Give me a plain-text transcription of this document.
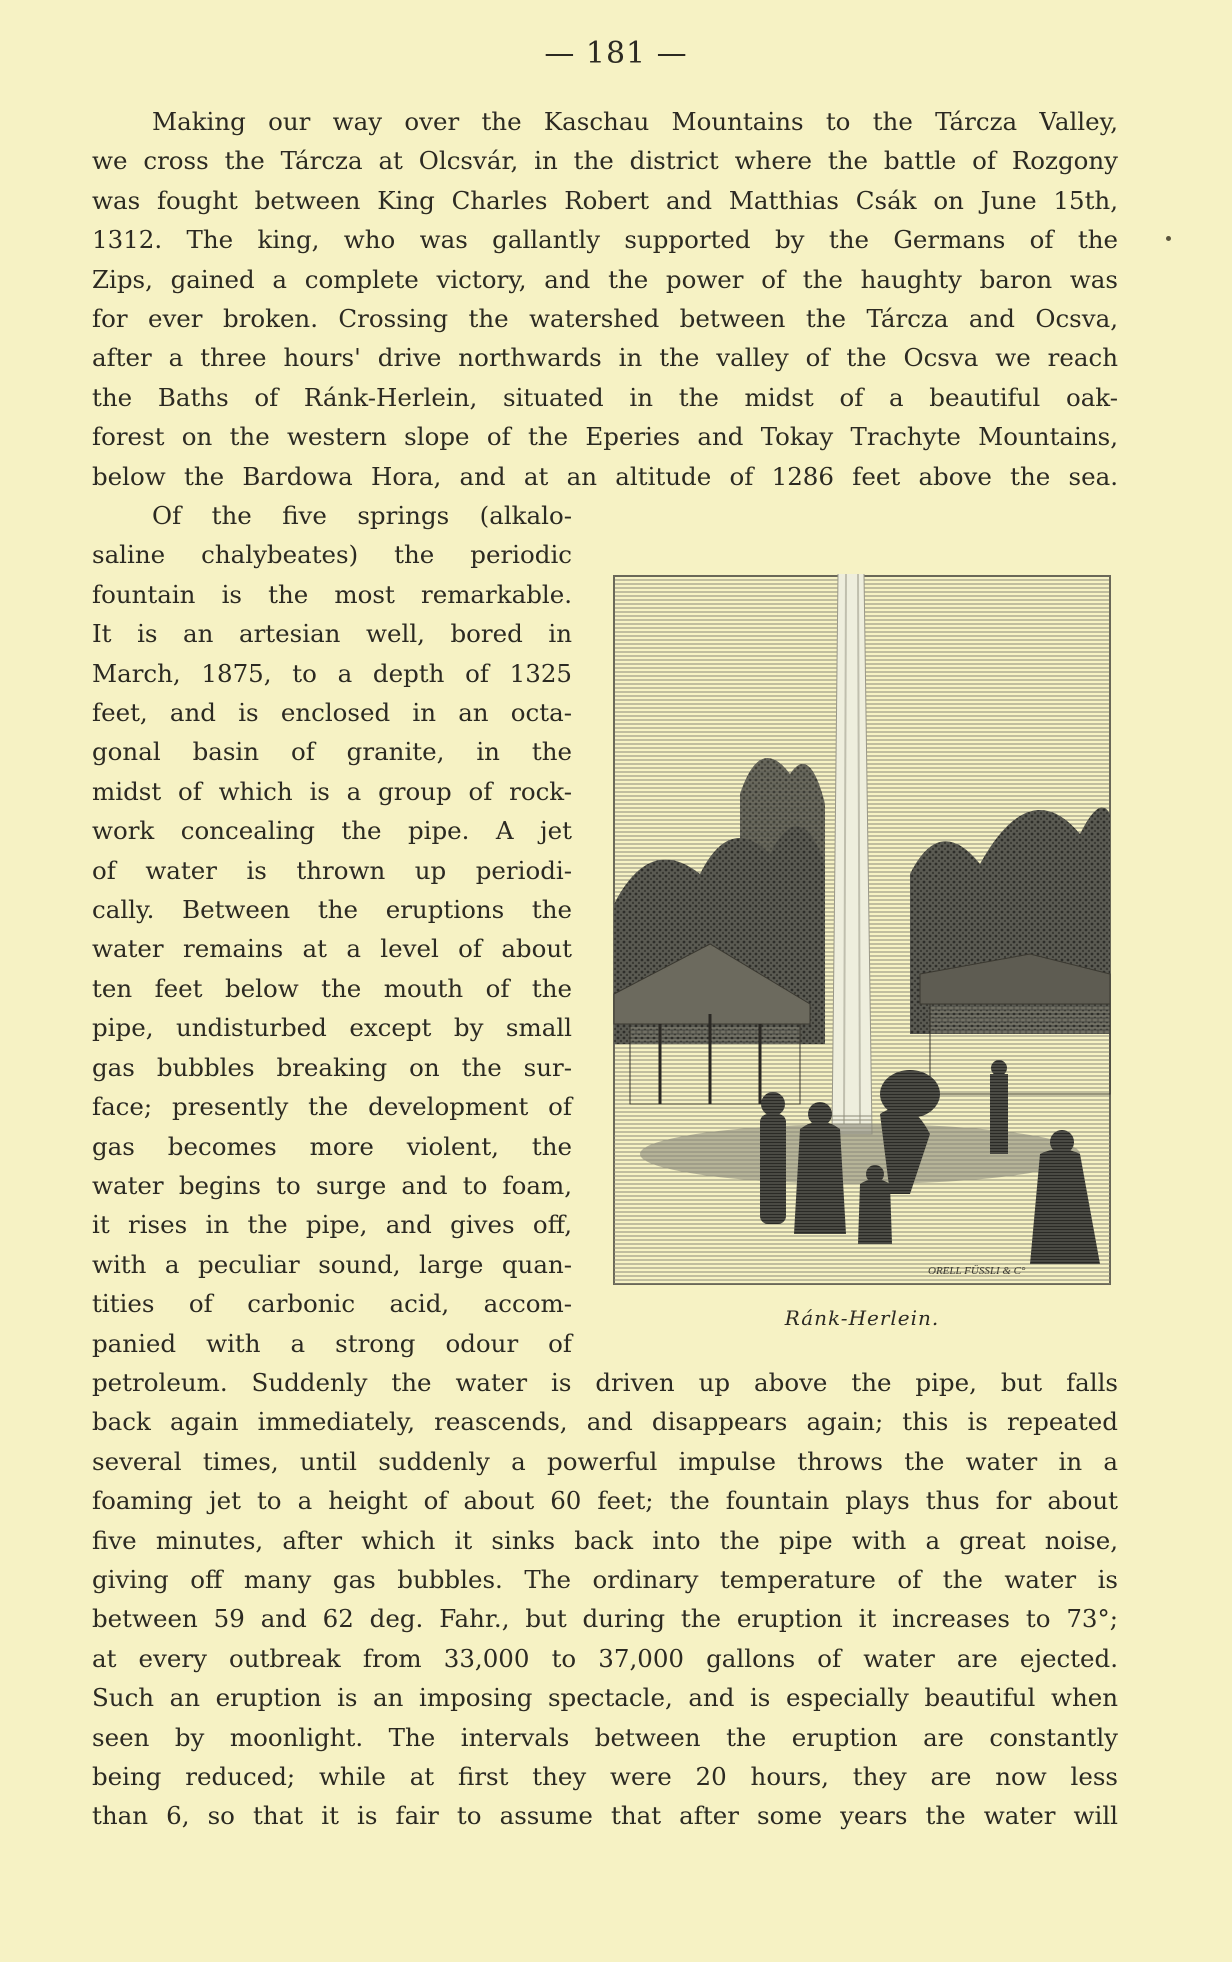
— 181 —
Making our way over the Kaschau Mountains to the Tárcza Valley,
we cross the Tárcza at Olcsvár, in the district where the battle of Rozgony
was fought between King Charles Robert and Matthias Csák on June 15th,
1312. The king, who was gallantly supported by the Germans of the
Zips, gained a complete victory, and the power of the haughty baron was
for ever broken. Crossing the watershed between the Tárcza and Ocsva,
after a three hours' drive northwards in the valley of the Ocsva we reach
the Baths of Ránk-Herlein, situated in the midst of a beautiful oak-
forest on the western slope of the Eperies and Tokay Trachyte Mountains,
below the Bardowa Hora, and at an altitude of 1286 feet above the sea.
Of the five springs (alkalo-
saline chalybeates) the periodic
fountain is the most remarkable.
It is an artesian well, bored in
March, 1875, to a depth of 1325
feet, and is enclosed in an octa-
gonal basin of granite, in the
midst of which is a group of rock-
work concealing the pipe. A jet
of water is thrown up periodi-
cally. Between the eruptions the
water remains at a level of about
ten feet below the mouth of the
pipe, undisturbed except by small
gas bubbles breaking on the sur-
face; presently the development of
gas becomes more violent, the
water begins to surge and to foam,
it rises in the pipe, and gives off,
with a peculiar sound, large quan-
tities of carbonic acid, accom-
panied with a strong odour of
ORELL FÜSSLI & C°
Ránk-Herlein.
petroleum. Suddenly the water is driven up above the pipe, but falls
back again immediately, reascends, and disappears again; this is repeated
several times, until suddenly a powerful impulse throws the water in a
foaming jet to a height of about 60 feet; the fountain plays thus for about
five minutes, after which it sinks back into the pipe with a great noise,
giving off many gas bubbles. The ordinary temperature of the water is
between 59 and 62 deg. Fahr., but during the eruption it increases to 73°;
at every outbreak from 33,000 to 37,000 gallons of water are ejected.
Such an eruption is an imposing spectacle, and is especially beautiful when
seen by moonlight. The intervals between the eruption are constantly
being reduced; while at first they were 20 hours, they are now less
than 6, so that it is fair to assume that after some years the water will
